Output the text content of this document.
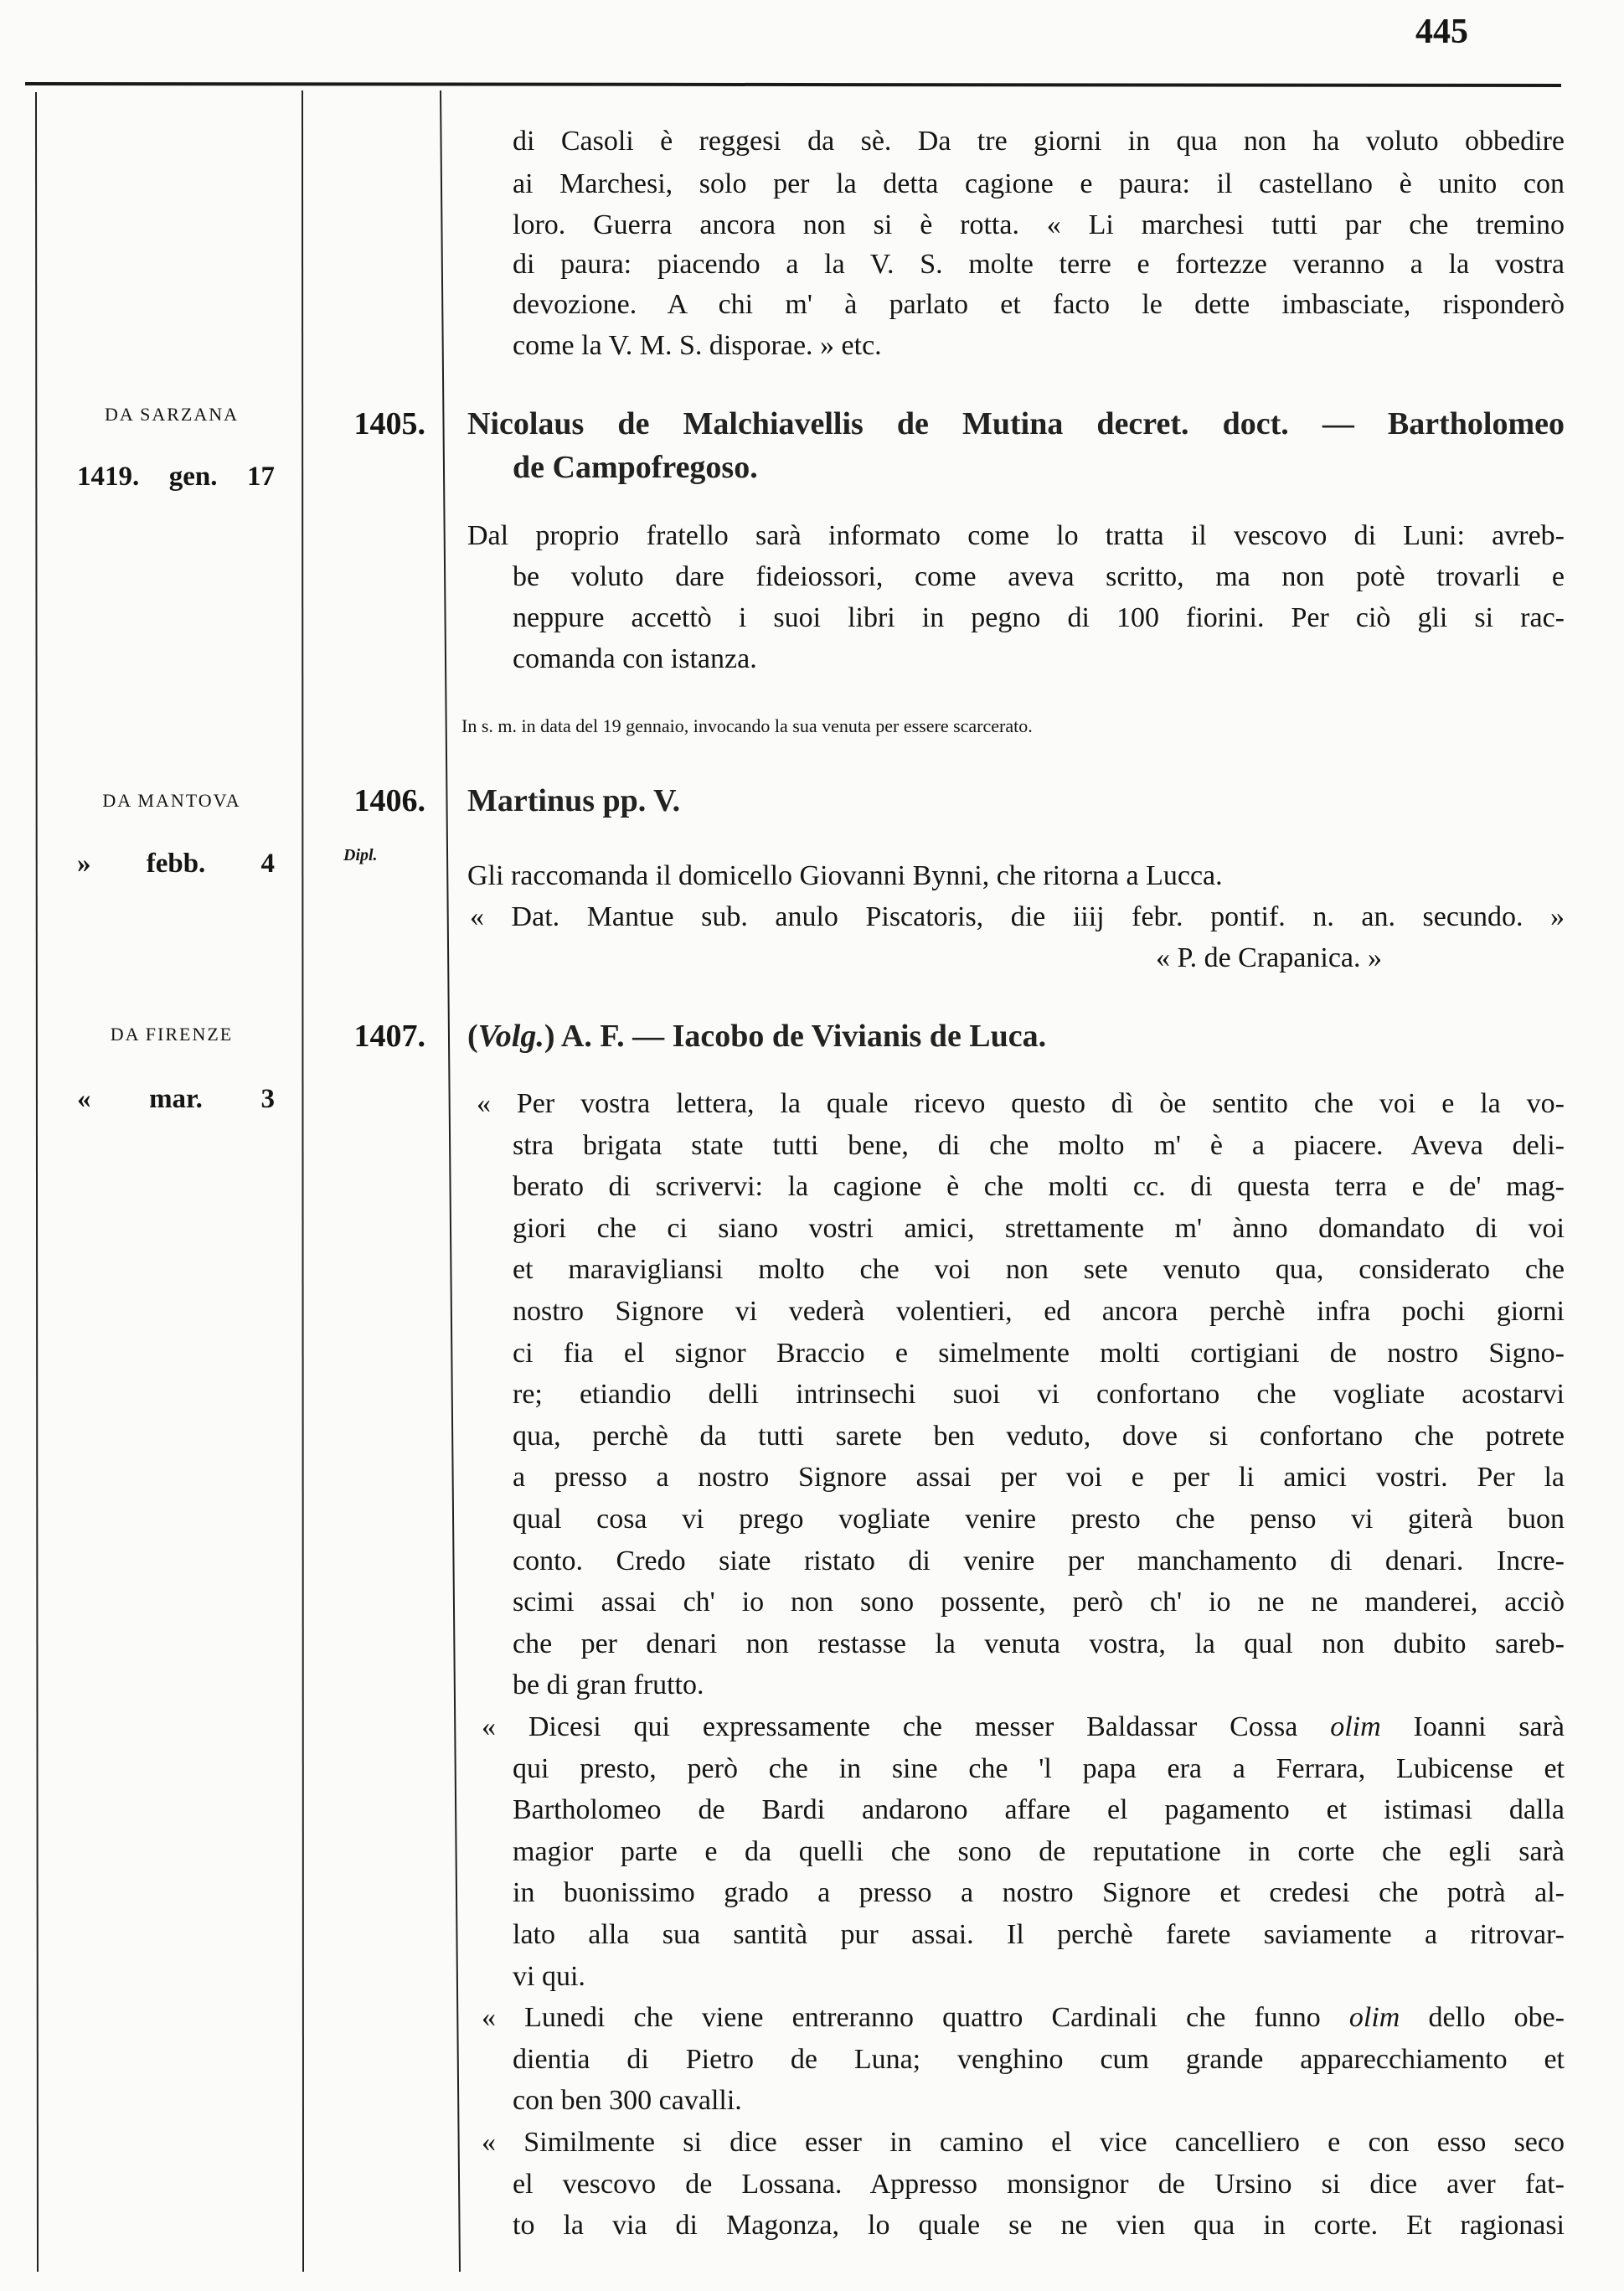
445
DA SARZANA
1419. gen. 17
1405.
DA MANTOVA
» febb. 4
1406.
Dipl.
DA FIRENZE
« mar. 3
1407.
di Casoli è reggesi da sè. Da tre giorni in qua non ha voluto obbedire
ai Marchesi, solo per la detta cagione e paura: il castellano è unito con
loro. Guerra ancora non si è rotta. « Li marchesi tutti par che tremino
di paura: piacendo a la V. S. molte terre e fortezze veranno a la vostra
devozione. A chi m' à parlato et facto le dette imbasciate, risponderò
come la V. M. S. disporae. » etc.
Nicolaus de Malchiavellis de Mutina decret. doct. — Bartholomeo
de Campofregoso.
Dal proprio fratello sarà informato come lo tratta il vescovo di Luni: avreb-
be voluto dare fideiossori, come aveva scritto, ma non potè trovarli e
neppure accettò i suoi libri in pegno di 100 fiorini. Per ciò gli si rac-
comanda con istanza.
In s. m. in data del 19 gennaio, invocando la sua venuta per essere scarcerato.
Martinus pp. V.
Gli raccomanda il domicello Giovanni Bynni, che ritorna a Lucca.
« Dat. Mantue sub. anulo Piscatoris, die iiij febr. pontif. n. an. secundo. »
« P. de Crapanica. »
(Volg.) A. F. — Iacobo de Vivianis de Luca.
« Per vostra lettera, la quale ricevo questo dì òe sentito che voi e la vo-
stra brigata state tutti bene, di che molto m' è a piacere. Aveva deli-
berato di scrivervi: la cagione è che molti cc. di questa terra e de' mag-
giori che ci siano vostri amici, strettamente m' ànno domandato di voi
et maravigliansi molto che voi non sete venuto qua, considerato che
nostro Signore vi vederà volentieri, ed ancora perchè infra pochi giorni
ci fia el signor Braccio e simelmente molti cortigiani de nostro Signo-
re; etiandio delli intrinsechi suoi vi confortano che vogliate acostarvi
qua, perchè da tutti sarete ben veduto, dove si confortano che potrete
a presso a nostro Signore assai per voi e per li amici vostri. Per la
qual cosa vi prego vogliate venire presto che penso vi giterà buon
conto. Credo siate ristato di venire per manchamento di denari. Incre-
scimi assai ch' io non sono possente, però ch' io ne ne manderei, acciò
che per denari non restasse la venuta vostra, la qual non dubito sareb-
be di gran frutto.
« Dicesi qui expressamente che messer Baldassar Cossa olim Ioanni sarà
qui presto, però che in sine che 'l papa era a Ferrara, Lubicense et
Bartholomeo de Bardi andarono affare el pagamento et istimasi dalla
magior parte e da quelli che sono de reputatione in corte che egli sarà
in buonissimo grado a presso a nostro Signore et credesi che potrà al-
lato alla sua santità pur assai. Il perchè farete saviamente a ritrovar-
vi qui.
« Lunedi che viene entreranno quattro Cardinali che funno olim dello obe-
dientia di Pietro de Luna; venghino cum grande apparecchiamento et
con ben 300 cavalli.
« Similmente si dice esser in camino el vice cancelliero e con esso seco
el vescovo de Lossana. Appresso monsignor de Ursino si dice aver fat-
to la via di Magonza, lo quale se ne vien qua in corte. Et ragionasi
